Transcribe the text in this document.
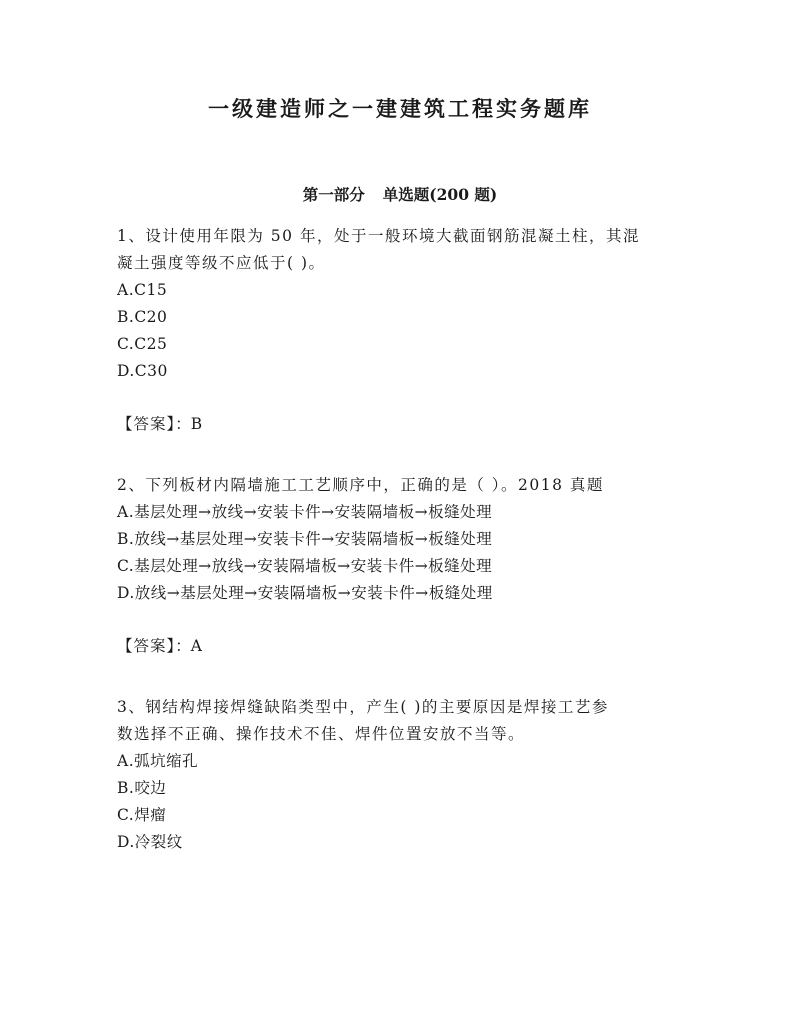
一级建造师之一建建筑工程实务题库
第一部分 单选题(200 题)

1、设计使用年限为 50 年，处于一般环境大截面钢筋混凝土柱，其混

凝土强度等级不应低于( )。

A.C15

B.C20

C.C25

D.C30

【答案】：B

2、下列板材内隔墙施工工艺顺序中，正确的是（ ）。2018 真题

A.基层处理→放线→安装卡件→安装隔墙板→板缝处理

B.放线→基层处理→安装卡件→安装隔墙板→板缝处理

C.基层处理→放线→安装隔墙板→安装卡件→板缝处理

D.放线→基层处理→安装隔墙板→安装卡件→板缝处理

【答案】：A

3、钢结构焊接焊缝缺陷类型中，产生( )的主要原因是焊接工艺参

数选择不正确、操作技术不佳、焊件位置安放不当等。

A.弧坑缩孔

B.咬边

C.焊瘤

D.冷裂纹
